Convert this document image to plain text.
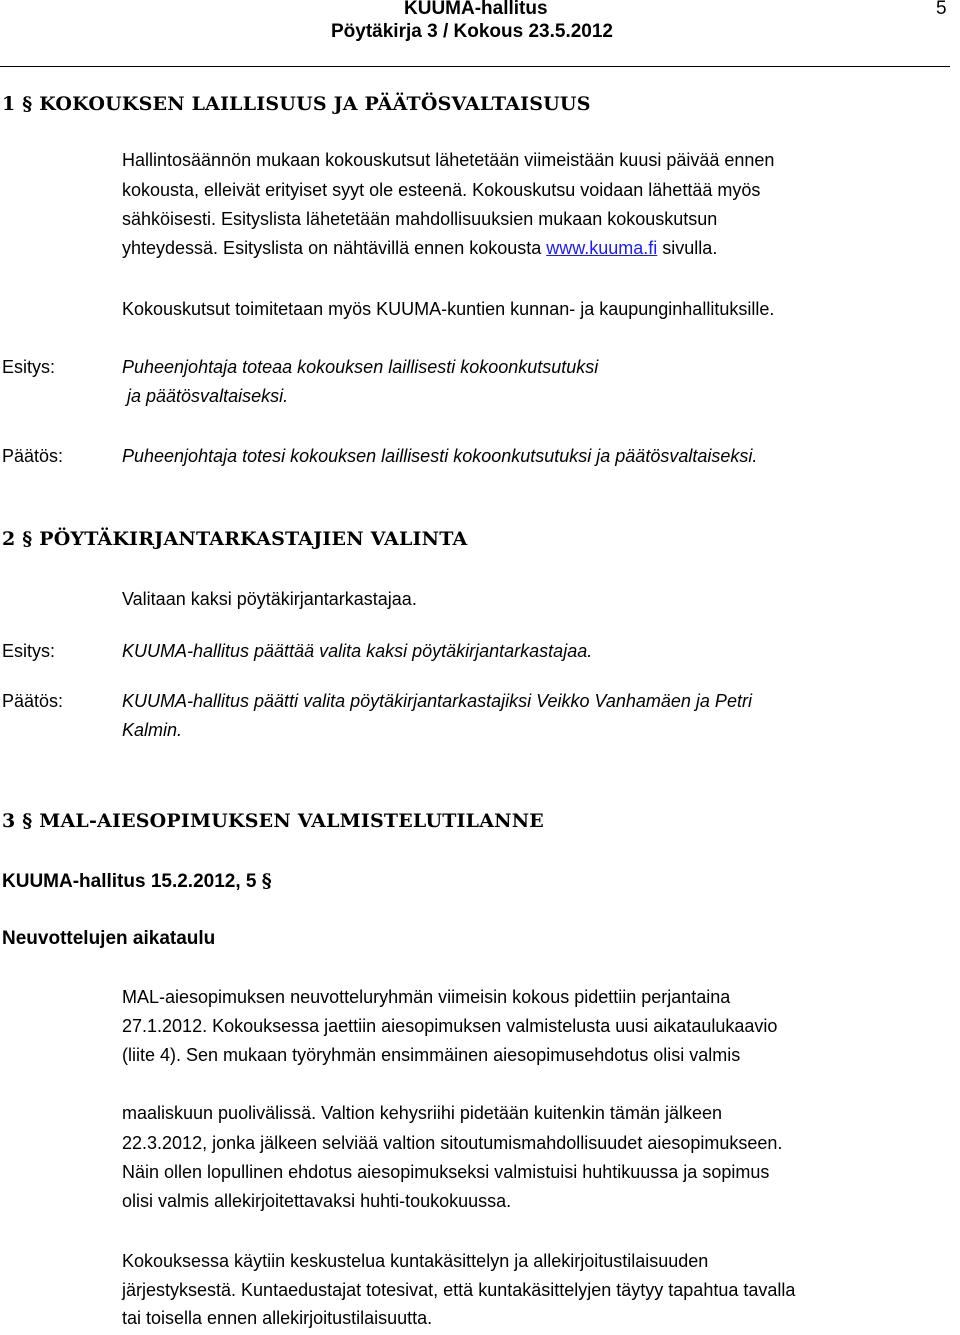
KUUMA-hallitus
Pöytäkirja 3 / Kokous 23.5.2012
5
1 § KOKOUKSEN LAILLISUUS JA PÄÄTÖSVALTAISUUS
Hallintosäännön mukaan kokouskutsut lähetetään viimeistään kuusi päivää ennen
kokousta, elleivät erityiset syyt ole esteenä. Kokouskutsu voidaan lähettää myös
sähköisesti. Esityslista lähetetään mahdollisuuksien mukaan kokouskutsun
yhteydessä. Esityslista on nähtävillä ennen kokousta www.kuuma.fi sivulla.
Kokouskutsut toimitetaan myös KUUMA-kuntien kunnan- ja kaupunginhallituksille.
Esitys:	Puheenjohtaja toteaa kokouksen laillisesti kokoonkutsutuksi
ja päätösvaltaiseksi.
Päätös:	Puheenjohtaja totesi kokouksen laillisesti kokoonkutsutuksi ja päätösvaltaiseksi.
2 § PÖYTÄKIRJANTARKASTAJIEN VALINTA
Valitaan kaksi pöytäkirjantarkastajaa.
Esitys:	KUUMA-hallitus päättää valita kaksi pöytäkirjantarkastajaa.
Päätös:	KUUMA-hallitus päätti valita pöytäkirjantarkastajiksi Veikko Vanhamäen ja Petri
Kalmin.
3 § MAL-AIESOPIMUKSEN VALMISTELUTILANNE
KUUMA-hallitus 15.2.2012, 5 §
Neuvottelujen aikataulu
MAL-aiesopimuksen neuvotteluryhmän viimeisin kokous pidettiin perjantaina
27.1.2012. Kokouksessa jaettiin aiesopimuksen valmistelusta uusi aikataulukaavio
(liite 4). Sen mukaan työryhmän ensimmäinen aiesopimusehdotus olisi valmis
maaliskuun puolivälissä. Valtion kehysriihi pidetään kuitenkin tämän jälkeen
22.3.2012, jonka jälkeen selviää valtion sitoutumismahdollisuudet aiesopimukseen.
Näin ollen lopullinen ehdotus aiesopimukseksi valmistuisi huhtikuussa ja sopimus
olisi valmis allekirjoitettavaksi huhti-toukokuussa.
Kokouksessa käytiin keskustelua kuntakäsittelyn ja allekirjoitustilaisuuden
järjestyksestä. Kuntaedustajat totesivat, että kuntakäsittelyjen täytyy tapahtua tavalla
tai toisella ennen allekirjoitustilaisuutta.
